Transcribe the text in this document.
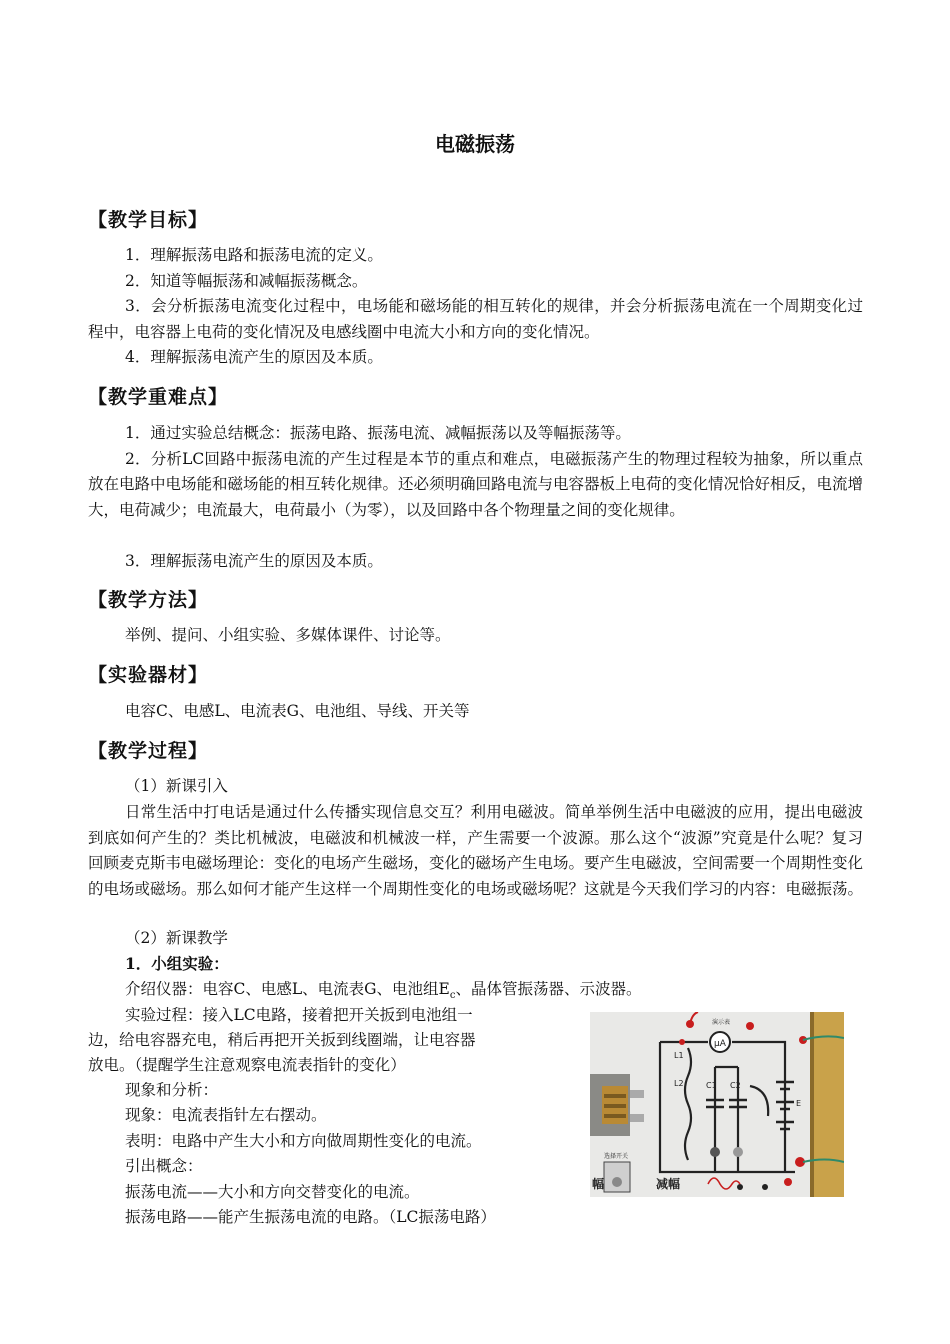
电磁振荡
【教学目标】
1．理解振荡电路和振荡电流的定义。
2．知道等幅振荡和减幅振荡概念。
3．会分析振荡电流变化过程中，电场能和磁场能的相互转化的规律，并会分析振荡电流在一个周期变化过程中，电容器上电荷的变化情况及电感线圈中电流大小和方向的变化情况。
4．理解振荡电流产生的原因及本质。
【教学重难点】
1．通过实验总结概念：振荡电路、振荡电流、减幅振荡以及等幅振荡等。
2．分析LC回路中振荡电流的产生过程是本节的重点和难点，电磁振荡产生的物理过程较为抽象，所以重点放在电路中电场能和磁场能的相互转化规律。还必须明确回路电流与电容器板上电荷的变化情况恰好相反，电流增大，电荷减少；电流最大，电荷最小（为零），以及回路中各个物理量之间的变化规律。
3．理解振荡电流产生的原因及本质。
【教学方法】
举例、提问、小组实验、多媒体课件、讨论等。
【实验器材】
电容C、电感L、电流表G、电池组、导线、开关等
【教学过程】
（1）新课引入
日常生活中打电话是通过什么传播实现信息交互？利用电磁波。简单举例生活中电磁波的应用，提出电磁波到底如何产生的？类比机械波，电磁波和机械波一样，产生需要一个波源。那么这个“波源”究竟是什么呢？复习回顾麦克斯韦电磁场理论：变化的电场产生磁场，变化的磁场产生电场。要产生电磁波，空间需要一个周期性变化的电场或磁场。那么如何才能产生这样一个周期性变化的电场或磁场呢？这就是今天我们学习的内容：电磁振荡。
（2）新课教学
1．小组实验：
介绍仪器：电容C、电感L、电流表G、电池组$E_c$、晶体管振荡器、示波器。
实验过程：接入LC电路，接着把开关扳到电池组一
边，给电容器充电，稍后再把开关扳到线圈端，让电容器
放电。（提醒学生注意观察电流表指针的变化）
现象和分析：
现象：电流表指针左右摆动。
表明：电路中产生大小和方向做周期性变化的电流。
引出概念：
振荡电流——大小和方向交替变化的电流。
振荡电路——能产生振荡电流的电路。（LC振荡电路）
μA
演示表
选择开关
L1
L2	C1 C2
E
幅	减幅
